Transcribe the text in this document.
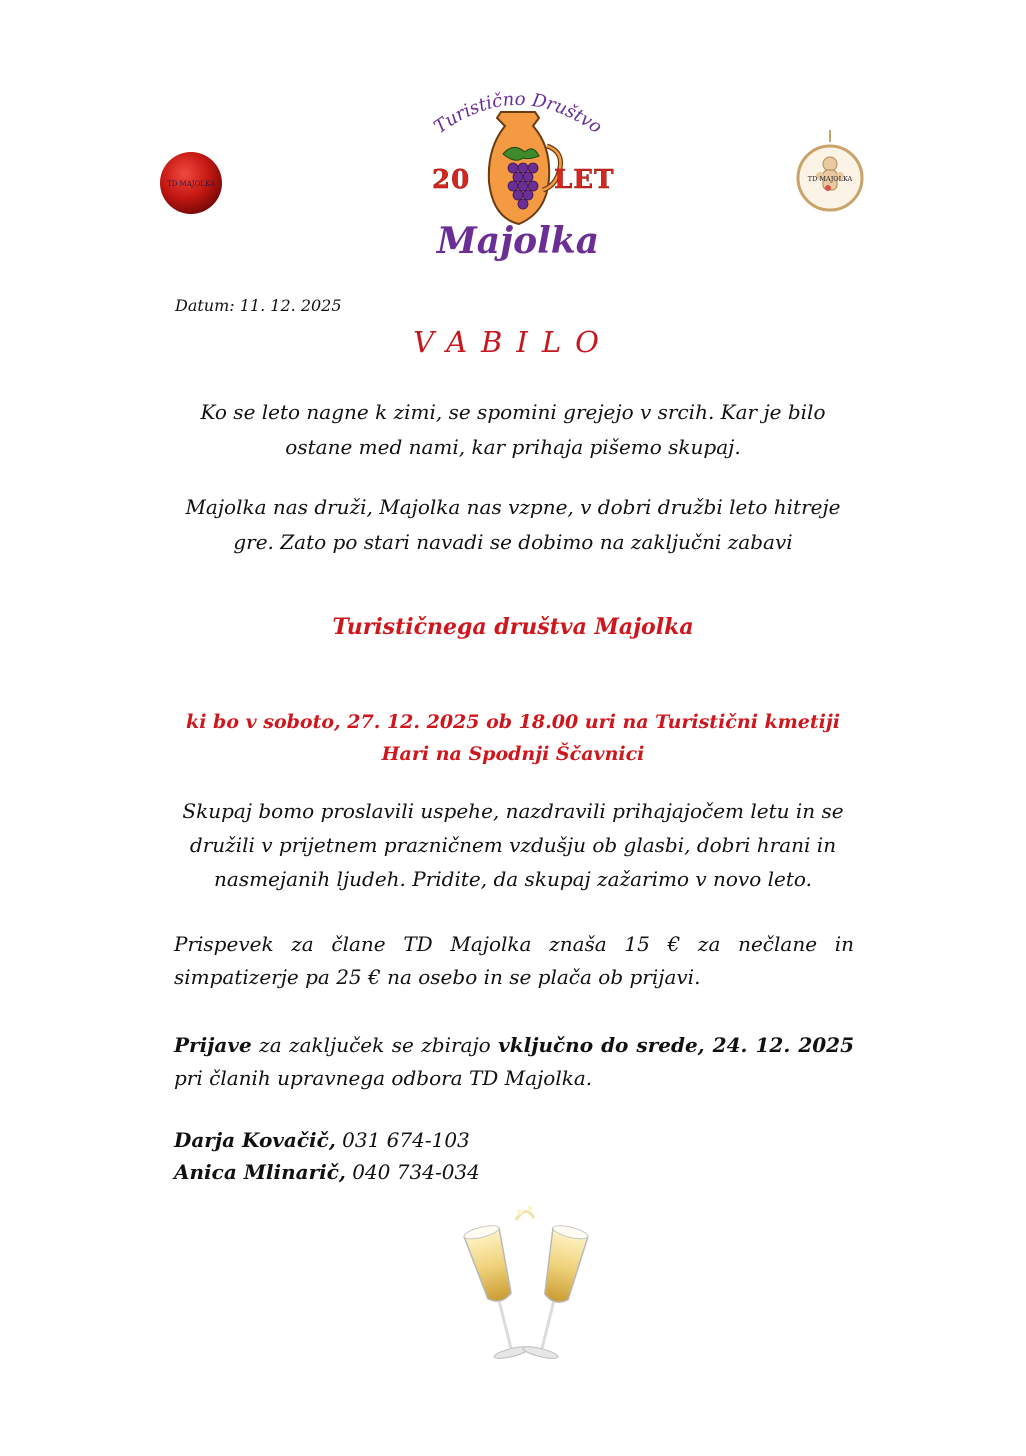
Turistično Društvo
20	LET
Majolka
TD MAJOLKA
TD MAJOLKA
Datum: 11. 12. 2025
VABILO
Ko se leto nagne k zimi, se spomini grejejo v srcih. Kar je bilo
ostane med nami, kar prihaja pišemo skupaj.
Majolka nas druži, Majolka nas vzpne, v dobri družbi leto hitreje
gre. Zato po stari navadi se dobimo na zaključni zabavi
Turističnega društva Majolka
ki bo v soboto, 27. 12. 2025 ob 18.00 uri na Turistični kmetiji
Hari na Spodnji Ščavnici
Skupaj bomo proslavili uspehe, nazdravili prihajajočem letu in se
družili v prijetnem prazničnem vzdušju ob glasbi, dobri hrani in
nasmejanih ljudeh. Pridite, da skupaj zažarimo v novo leto.
Prispevek za člane TD Majolka znaša 15 € za nečlane in simpatizerje pa 25 € na osebo in se plača ob prijavi.
Prijave za zaključek se zbirajo vključno do srede, 24. 12. 2025 pri članih upravnega odbora TD Majolka.
Darja Kovačič, 031 674-103
Anica Mlinarič, 040 734-034
